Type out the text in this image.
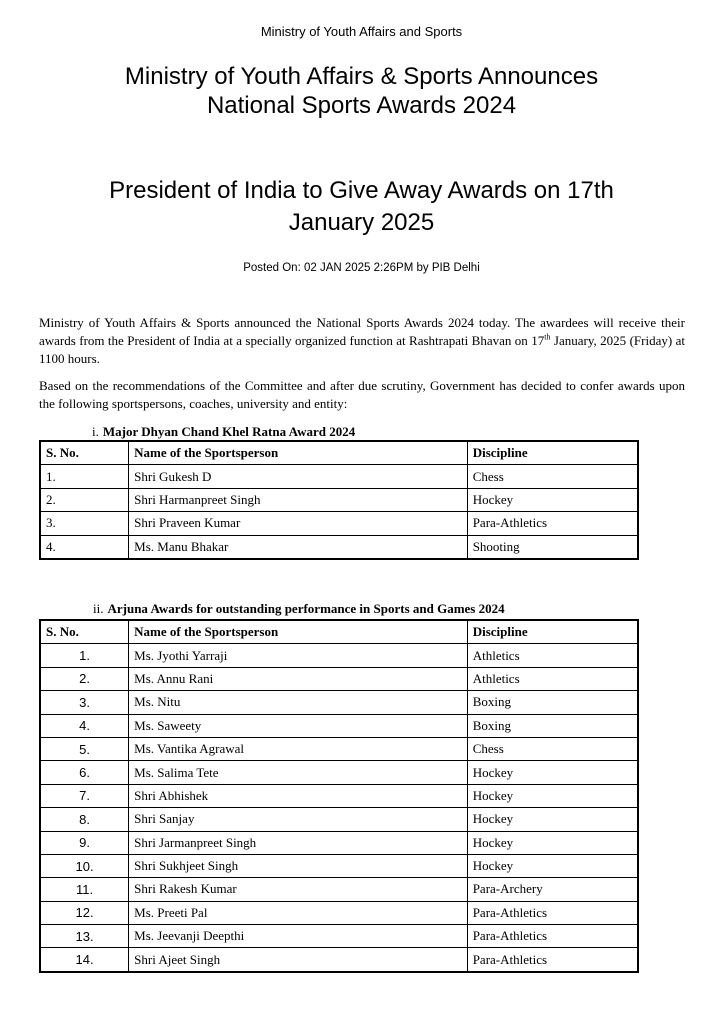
Ministry of Youth Affairs and Sports
Ministry of Youth Affairs & Sports Announces
National Sports Awards 2024
President of India to Give Away Awards on 17th
January 2025
Posted On: 02 JAN 2025 2:26PM by PIB Delhi
Ministry of Youth Affairs & Sports announced the National Sports Awards 2024 today. The awardees will receive their awards from the President of India at a specially organized function at Rashtrapati Bhavan on 17th January, 2025 (Friday) at 1100 hours.
Based on the recommendations of the Committee and after due scrutiny, Government has decided to confer awards upon the following sportspersons, coaches, university and entity:
i. Major Dhyan Chand Khel Ratna Award 2024
S. No.	Name of the Sportsperson	Discipline
1.	Shri Gukesh D	Chess
2.	Shri Harmanpreet Singh	Hockey
3.	Shri Praveen Kumar	Para-Athletics
4.	Ms. Manu Bhakar	Shooting
ii. Arjuna Awards for outstanding performance in Sports and Games 2024
S. No.	Name of the Sportsperson	Discipline
1.	Ms. Jyothi Yarraji	Athletics
2.	Ms. Annu Rani	Athletics
3.	Ms. Nitu	Boxing
4.	Ms. Saweety	Boxing
5.	Ms. Vantika Agrawal	Chess
6.	Ms. Salima Tete	Hockey
7.	Shri Abhishek	Hockey
8.	Shri Sanjay	Hockey
9.	Shri Jarmanpreet Singh	Hockey
10.	Shri Sukhjeet Singh	Hockey
11.	Shri Rakesh Kumar	Para-Archery
12.	Ms. Preeti Pal	Para-Athletics
13.	Ms. Jeevanji Deepthi	Para-Athletics
14.	Shri Ajeet Singh	Para-Athletics
